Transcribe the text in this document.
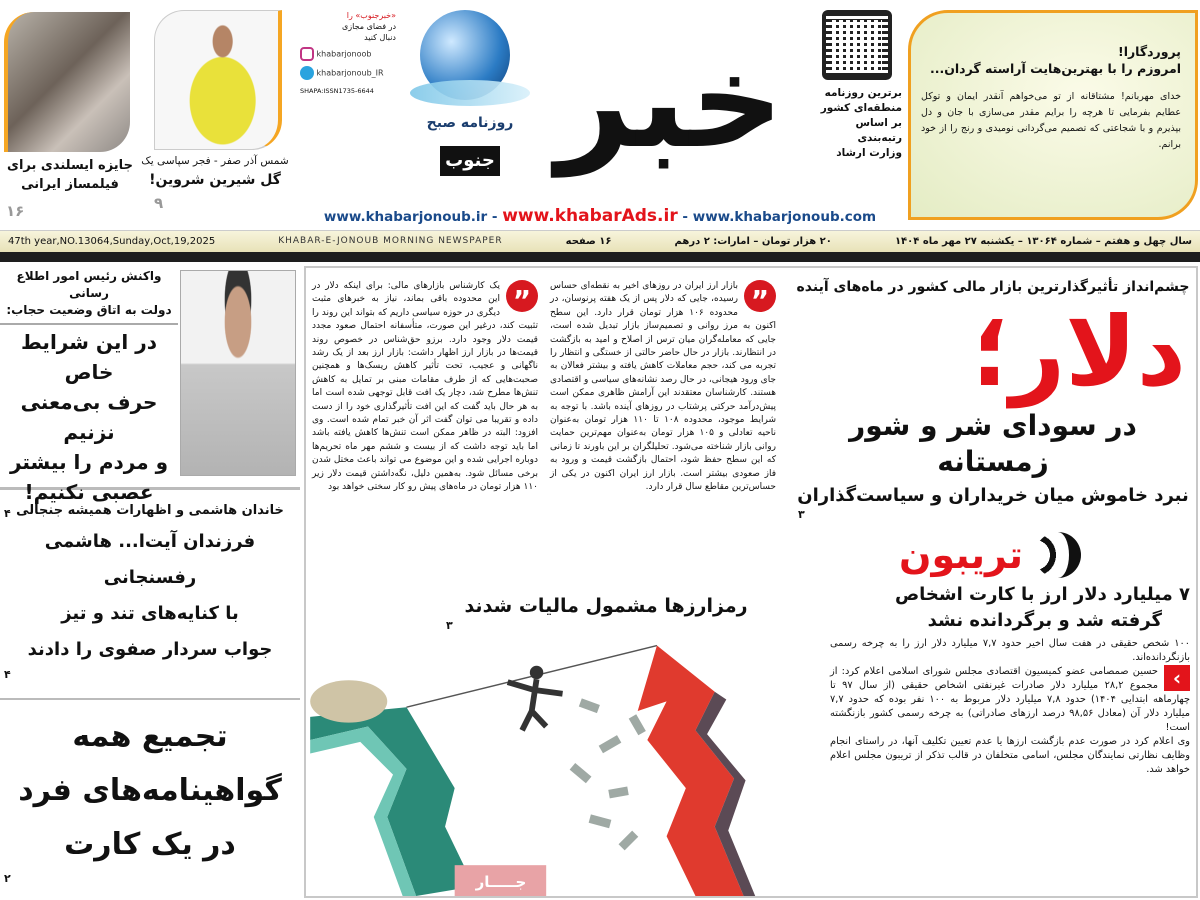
جایزه ایسلندی برای
فیلمساز ایرانی
۱۶
شمس آذر صفر - فجر سپاسی یک
گل شیرین شروین!
۹
«خبرجنوب» را
در فضای مجازی
دنبال کنید
khabarjonoob
khabarjonoub_IR
SHAPA:ISSN1735-6644
روزنامه صبح
جنوب خبر	برترین روزنامه
منطقه‌ای کشور
بر اساس
رتبه‌بندی
وزارت ارشاد
پروردگارا!
امروزم را با بهترین‌هایت آراسته گردان...
خدای مهربانم! مشتاقانه از تو می‌خواهم آنقدر ایمان و توکل عطایم بفرمایی تا هرچه را برایم مقدر می‌سازی با جان و دل بپذیرم و با شجاعتی که تصمیم می‌گردانی نومیدی و رنج را از خود برانم.
www.khabarjonoub.ir - www.khabarAds.ir - www.khabarjonoub.com
47th year,NO.13064,Sunday,Oct,19,2025	KHABAR-E-JONOUB MORNING NEWSPAPER	۱۶ صفحه	۲۰ هزار تومان – امارات: ۲ درهم	سال چهل و هفتم – شماره ۱۳۰۶۴ – یکشنبه ۲۷ مهر ماه ۱۴۰۴
واکنش رئیس امور اطلاع رسانی
دولت به اتاق وضعیت حجاب:
در این شرایط خاص
حرف بی‌معنی نزنیم
و مردم را بیشتر
عصبی نکنیم!
۴ خاندان هاشمی و اظهارات همیشه جنجالی
فرزندان آیت‌ا... هاشمی رفسنجانی
با کنایه‌های تند و تیز
جواب سردار صفوی را دادند
۴
تجمیع همه
گواهینامه‌های فرد
در یک کارت
۲
”
بازار ارز ایران در روزهای اخیر به نقطه‌ای حساس رسیده، جایی که دلار پس از یک هفته پرنوسان، در محدوده ۱۰۶ هزار تومان قرار دارد. این سطح اکنون به مرز روانی و تصمیم‌ساز بازار تبدیل شده است، جایی که معامله‌گران میان ترس از اصلاح و امید به بازگشت در انتظارند. بازار در حال حاضر حالتی از خستگی و انتظار را تجربه می کند، حجم معاملات کاهش یافته و بیشتر فعالان به جای ورود هیجانی، در حال رصد نشانه‌های سیاسی و اقتصادی هستند. کارشناسان معتقدند این آرامش ظاهری ممکن است پیش‌درآمد حرکتی پرشتاب در روزهای آینده باشد. با توجه به شرایط موجود، محدوده ۱۰۸ تا ۱۱۰ هزار تومان به‌عنوان ناحیه تعادلی و ۱۰۵ هزار تومان به‌عنوان مهم‌ترین حمایت روانی بازار شناخته می‌شود. تحلیلگران بر این باورند تا زمانی که این سطح حفظ شود، احتمال بازگشت قیمت و ورود به فاز صعودی بیشتر است. بازار ارز ایران اکنون در یکی از حساس‌ترین مقاطع سال قرار دارد.
”
یک کارشناس بازارهای مالی: برای اینکه دلار در این محدوده باقی بماند، نیاز به خبرهای مثبت دیگری در حوزه سیاسی داریم که بتواند این روند را تثبیت کند، درغیر این صورت، متأسفانه احتمال صعود مجدد قیمت دلار وجود دارد. برزو حق‌شناس در خصوص روند قیمت‌ها در بازار ارز اظهار داشت: بازار ارز بعد از یک رشد ناگهانی و عجیب، تحت تأثیر کاهش ریسک‌ها و همچنین صحبت‌هایی که از طرف مقامات مبنی بر تمایل به کاهش تنش‌ها مطرح شد، دچار یک افت قابل توجهی شده است اما به هر حال باید گفت که این افت تأثیرگذاری خود را از دست داده و تقریبا می توان گفت اثر آن خبر تمام شده است. وی افزود: البته در ظاهر ممکن است تنش‌ها کاهش یافته باشد اما باید توجه داشت که از بیست و ششم مهر ماه تحریم‌ها دوباره اجرایی شده و این موضوع می تواند باعث مختل شدن برخی مسائل شود. به‌همین دلیل، نگه‌داشتن قیمت دلار زیر ۱۱۰ هزار تومان در ماه‌های پیش رو کار سختی خواهد بود
رمزارزها مشمول مالیات شدند
۳
جـــــار
چشم‌انداز تأثیرگذارترین بازار مالی کشور در ماه‌های آینده
دلار؛
در سودای شر و شور زمستانه
نبرد خاموش میان خریداران و سیاست‌گذاران
۳
تریبون
۷ میلیارد دلار ارز با کارت اشخاص
گرفته شد و برگردانده نشد
۱۰۰ شخص حقیقی در هفت سال اخیر حدود ۷,۷ میلیارد دلار ارز را به چرخه رسمی بازنگردانده‌اند.
‹
حسین صمصامی عضو کمیسیون اقتصادی مجلس شورای اسلامی اعلام کرد: از مجموع ۲۸,۲ میلیارد دلار صادرات غیرنفتی اشخاص حقیقی (از سال ۹۷ تا چهارماهه ابتدایی ۱۴۰۴) حدود ۷,۸ میلیارد دلار مربوط به ۱۰۰ نفر بوده که حدود ۷,۷ میلیارد دلار آن (معادل ۹۸,۵۶ درصد ارزهای صادراتی) به چرخه رسمی کشور بازنگشته است!
وی اعلام کرد در صورت عدم بازگشت ارزها یا عدم تعیین تکلیف آنها، در راستای انجام وظایف نظارتی نمایندگان مجلس، اسامی متخلفان در قالب تذکر از تریبون مجلس اعلام خواهد شد.
